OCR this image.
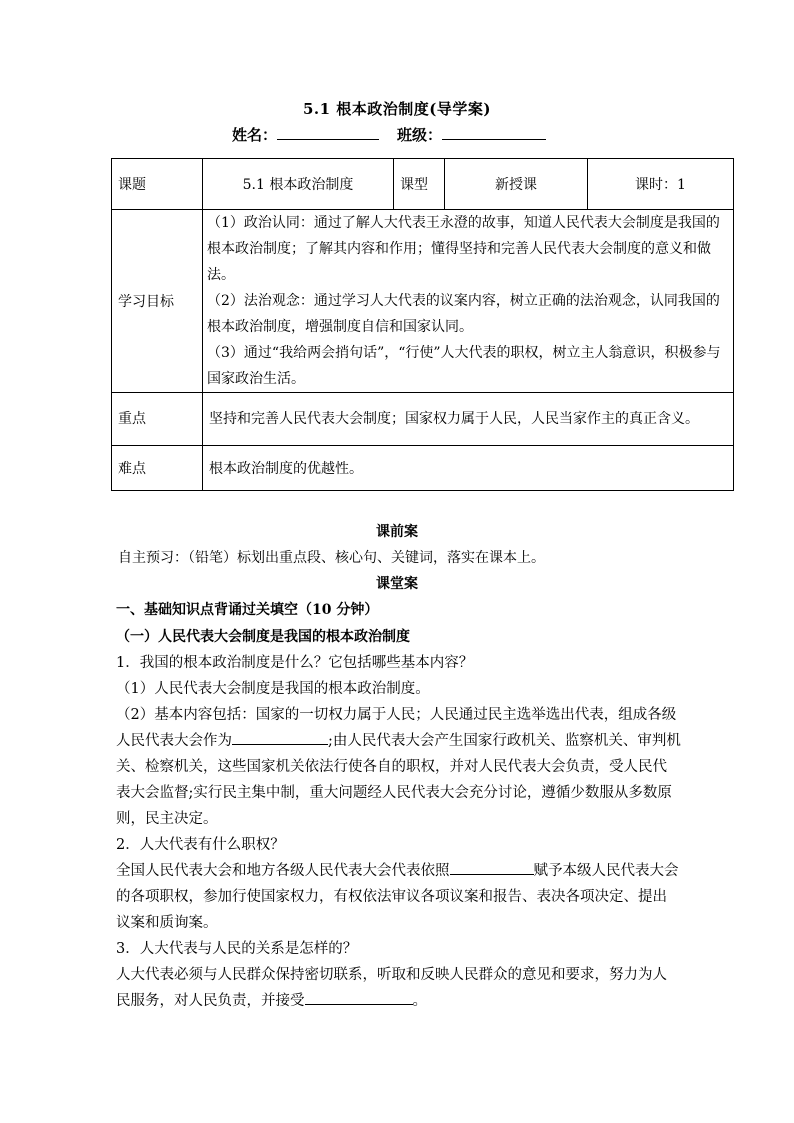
5.1 根本政治制度(导学案)
姓名：	班级：
课题	5.1 根本政治制度	课型	新授课	课时：1
学习目标	（1）政治认同：通过了解人大代表王永澄的故事，知道人民代表大会制度是我国的根本政治制度；了解其内容和作用；懂得坚持和完善人民代表大会制度的意义和做法。

（2）法治观念：通过学习人大代表的议案内容，树立正确的法治观念，认同我国的根本政治制度，增强制度自信和国家认同。

（3）通过“我给两会捎句话”，“行使”人大代表的职权，树立主人翁意识，积极参与国家政治生活。			

重点	坚持和完善人民代表大会制度；国家权力属于人民，人民当家作主的真正含义。			
难点	根本政治制度的优越性。			
课前案
自主预习：（铅笔）标划出重点段、核心句、关键词，落实在课本上。
课堂案
一、基础知识点背诵过关填空（10 分钟）
（一）人民代表大会制度是我国的根本政治制度

1．我国的根本政治制度是什么？它包括哪些基本内容？

（1）人民代表大会制度是我国的根本政治制度。

（2）基本内容包括：国家的一切权力属于人民；人民通过民主选举选出代表，组成各级人民代表大会作为	;由人民代表大会产生国家行政机关、监察机关、审判机关、检察机关，这些国家机关依法行使各自的职权，并对人民代表大会负责，受人民代表大会监督;实行民主集中制，重大问题经人民代表大会充分讨论，遵循少数服从多数原则，民主决定。

2．人大代表有什么职权？

全国人民代表大会和地方各级人民代表大会代表依照	赋予本级人民代表大会的各项职权，参加行使国家权力，有权依法审议各项议案和报告、表决各项决定、提出议案和质询案。

3．人大代表与人民的关系是怎样的？

人大代表必须与人民群众保持密切联系，听取和反映人民群众的意见和要求，努力为人民服务，对人民负责，并接受	。
